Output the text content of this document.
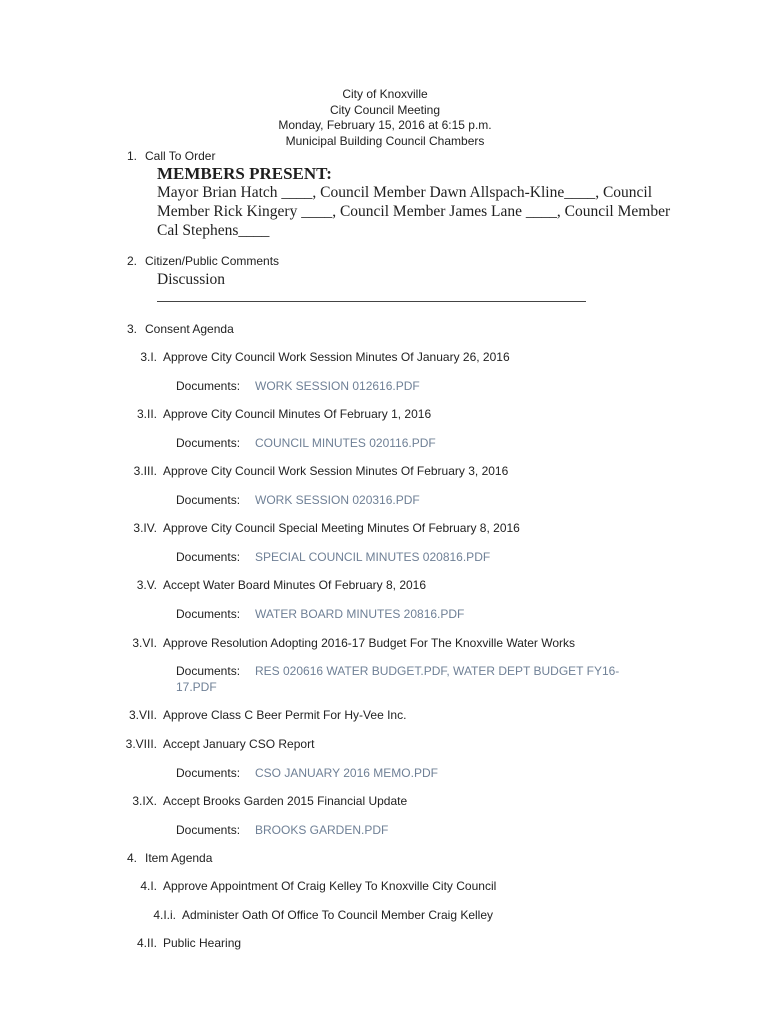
City of Knoxville
City Council Meeting
Monday, February 15, 2016 at 6:15 p.m.
Municipal Building Council Chambers
1. Call To Order
MEMBERS PRESENT:
Mayor Brian Hatch ____, Council Member Dawn Allspach-Kline____, Council
Member Rick Kingery ____, Council Member James Lane ____, Council Member
Cal Stephens____
2. Citizen/Public Comments
Discussion
3. Consent Agenda
3.I. Approve City Council Work Session Minutes Of January 26, 2016
Documents: WORK SESSION 012616.PDF
3.II. Approve City Council Minutes Of February 1, 2016
Documents: COUNCIL MINUTES 020116.PDF
3.III. Approve City Council Work Session Minutes Of February 3, 2016
Documents: WORK SESSION 020316.PDF
3.IV. Approve City Council Special Meeting Minutes Of February 8, 2016
Documents: SPECIAL COUNCIL MINUTES 020816.PDF
3.V. Accept Water Board Minutes Of February 8, 2016
Documents: WATER BOARD MINUTES 20816.PDF
3.VI. Approve Resolution Adopting 2016-17 Budget For The Knoxville Water Works
Documents: RES 020616 WATER BUDGET.PDF, WATER DEPT BUDGET FY16-
17.PDF
3.VII. Approve Class C Beer Permit For Hy-Vee Inc.
3.VIII. Accept January CSO Report
Documents: CSO JANUARY 2016 MEMO.PDF
3.IX. Accept Brooks Garden 2015 Financial Update
Documents: BROOKS GARDEN.PDF
4. Item Agenda
4.I. Approve Appointment Of Craig Kelley To Knoxville City Council
4.I.i. Administer Oath Of Office To Council Member Craig Kelley
4.II. Public Hearing
